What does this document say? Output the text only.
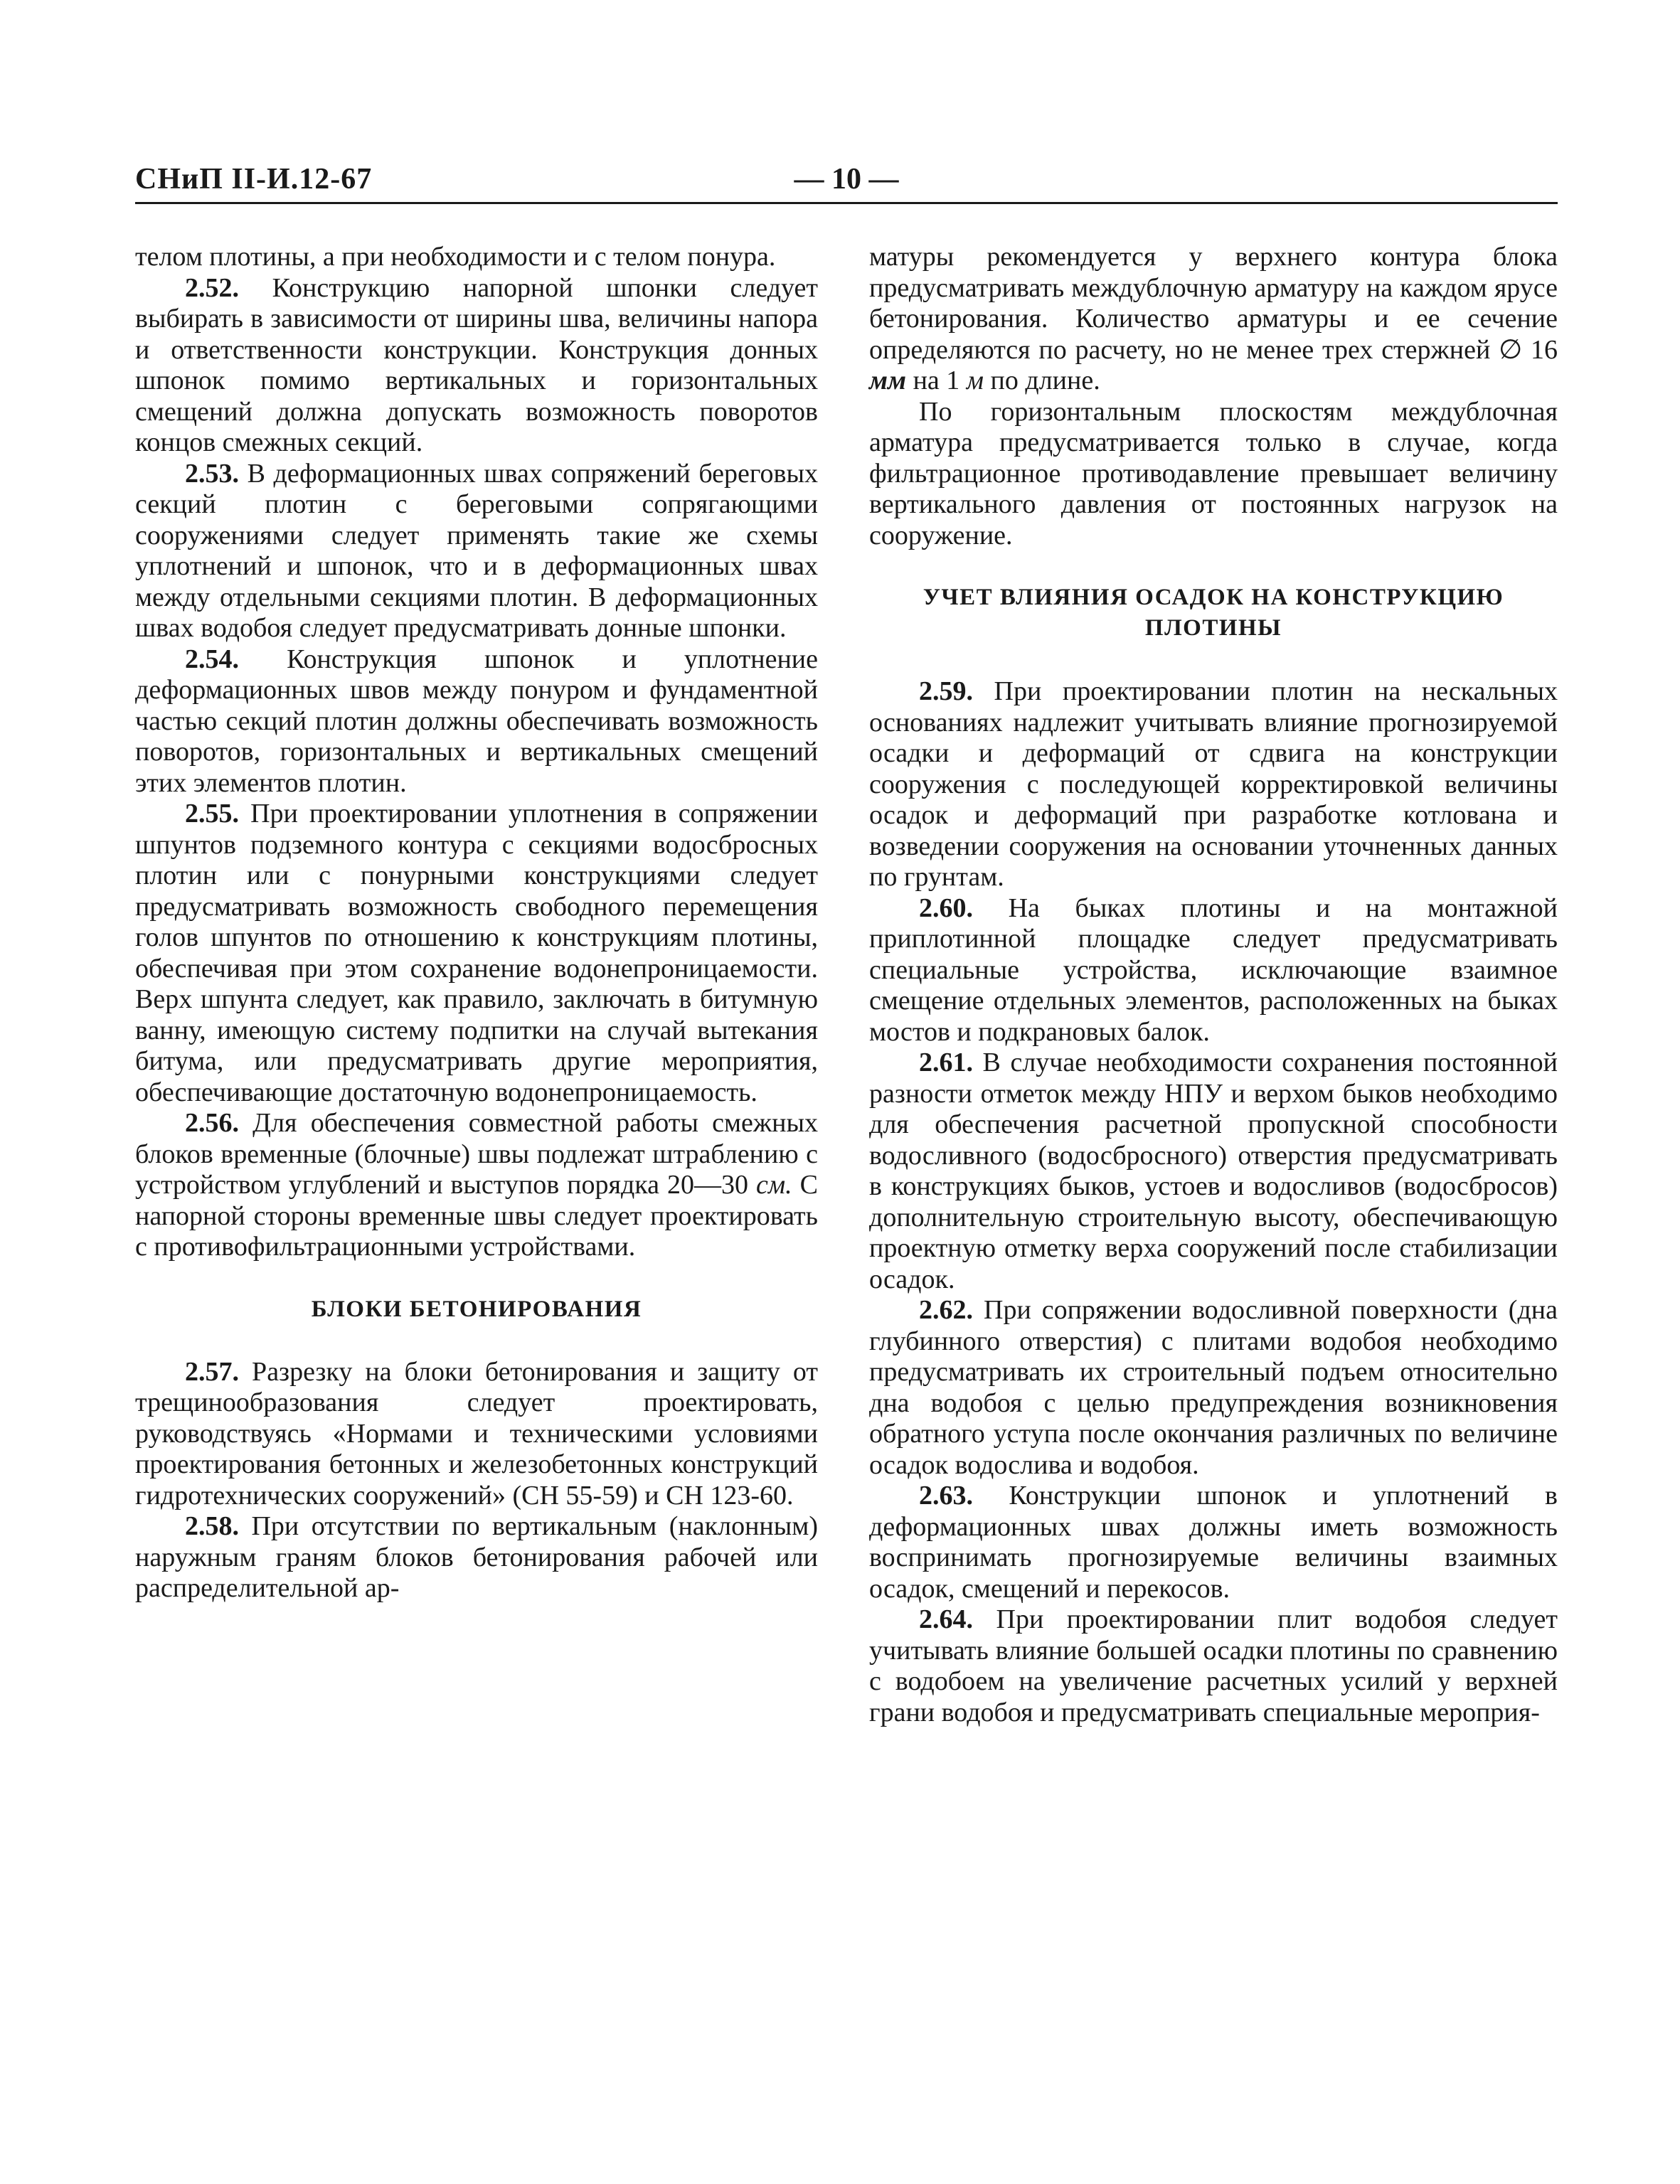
СНиП II-И.12-67	— 10 —

телом плотины, а при необходимости и с телом понура.

2.52. Конструкцию напорной шпонки следует выбирать в зависимости от ширины шва, величины напора и ответственности конструкции. Конструкция донных шпонок помимо вертикальных и горизонтальных смещений должна допускать возможность поворотов концов смежных секций.

2.53. В деформационных швах сопряжений береговых секций плотин с береговыми сопрягающими сооружениями следует применять такие же схемы уплотнений и шпонок, что и в деформационных швах между отдельными секциями плотин. В деформационных швах водобоя следует предусматривать донные шпонки.

2.54. Конструкция шпонок и уплотнение деформационных швов между понуром и фундаментной частью секций плотин должны обеспечивать возможность поворотов, горизонтальных и вертикальных смещений этих элементов плотин.

2.55. При проектировании уплотнения в сопряжении шпунтов подземного контура с секциями водосбросных плотин или с понурными конструкциями следует предусматривать возможность свободного перемещения голов шпунтов по отношению к конструкциям плотины, обеспечивая при этом сохранение водонепроницаемости. Верх шпунта следует, как правило, заключать в битумную ванну, имеющую систему подпитки на случай вытекания битума, или предусматривать другие мероприятия, обеспечивающие достаточную водонепроницаемость.

2.56. Для обеспечения совместной работы смежных блоков временные (блочные) швы подлежат штраблению с устройством углублений и выступов порядка 20—30 см. С напорной стороны временные швы следует проектировать с противофильтрационными устройствами.

БЛОКИ БЕТОНИРОВАНИЯ

2.57. Разрезку на блоки бетонирования и защиту от трещинообразования следует проектировать, руководствуясь «Нормами и техническими условиями проектирования бетонных и железобетонных конструкций гидротехнических сооружений» (СН 55-59) и СН 123-60.

2.58. При отсутствии по вертикальным (наклонным) наружным граням блоков бетонирования рабочей или распределительной ар-

матуры рекомендуется у верхнего контура блока предусматривать междублочную арматуру на каждом ярусе бетонирования. Количество арматуры и ее сечение определяются по расчету, но не менее трех стержней ∅ 16 мм на 1 м по длине.

По горизонтальным плоскостям междублочная арматура предусматривается только в случае, когда фильтрационное противодавление превышает величину вертикального давления от постоянных нагрузок на сооружение.

УЧЕТ ВЛИЯНИЯ ОСАДОК НА КОНСТРУКЦИЮ ПЛОТИНЫ

2.59. При проектировании плотин на нескальных основаниях надлежит учитывать влияние прогнозируемой осадки и деформаций от сдвига на конструкции сооружения с последующей корректировкой величины осадок и деформаций при разработке котлована и возведении сооружения на основании уточненных данных по грунтам.

2.60. На быках плотины и на монтажной приплотинной площадке следует предусматривать специальные устройства, исключающие взаимное смещение отдельных элементов, расположенных на быках мостов и подкрановых балок.

2.61. В случае необходимости сохранения постоянной разности отметок между НПУ и верхом быков необходимо для обеспечения расчетной пропускной способности водосливного (водосбросного) отверстия предусматривать в конструкциях быков, устоев и водосливов (водосбросов) дополнительную строительную высоту, обеспечивающую проектную отметку верха сооружений после стабилизации осадок.

2.62. При сопряжении водосливной поверхности (дна глубинного отверстия) с плитами водобоя необходимо предусматривать их строительный подъем относительно дна водобоя с целью предупреждения возникновения обратного уступа после окончания различных по величине осадок водослива и водобоя.

2.63. Конструкции шпонок и уплотнений в деформационных швах должны иметь возможность воспринимать прогнозируемые величины взаимных осадок, смещений и перекосов.

2.64. При проектировании плит водобоя следует учитывать влияние большей осадки плотины по сравнению с водобоем на увеличение расчетных усилий у верхней грани водобоя и предусматривать специальные мероприя-
